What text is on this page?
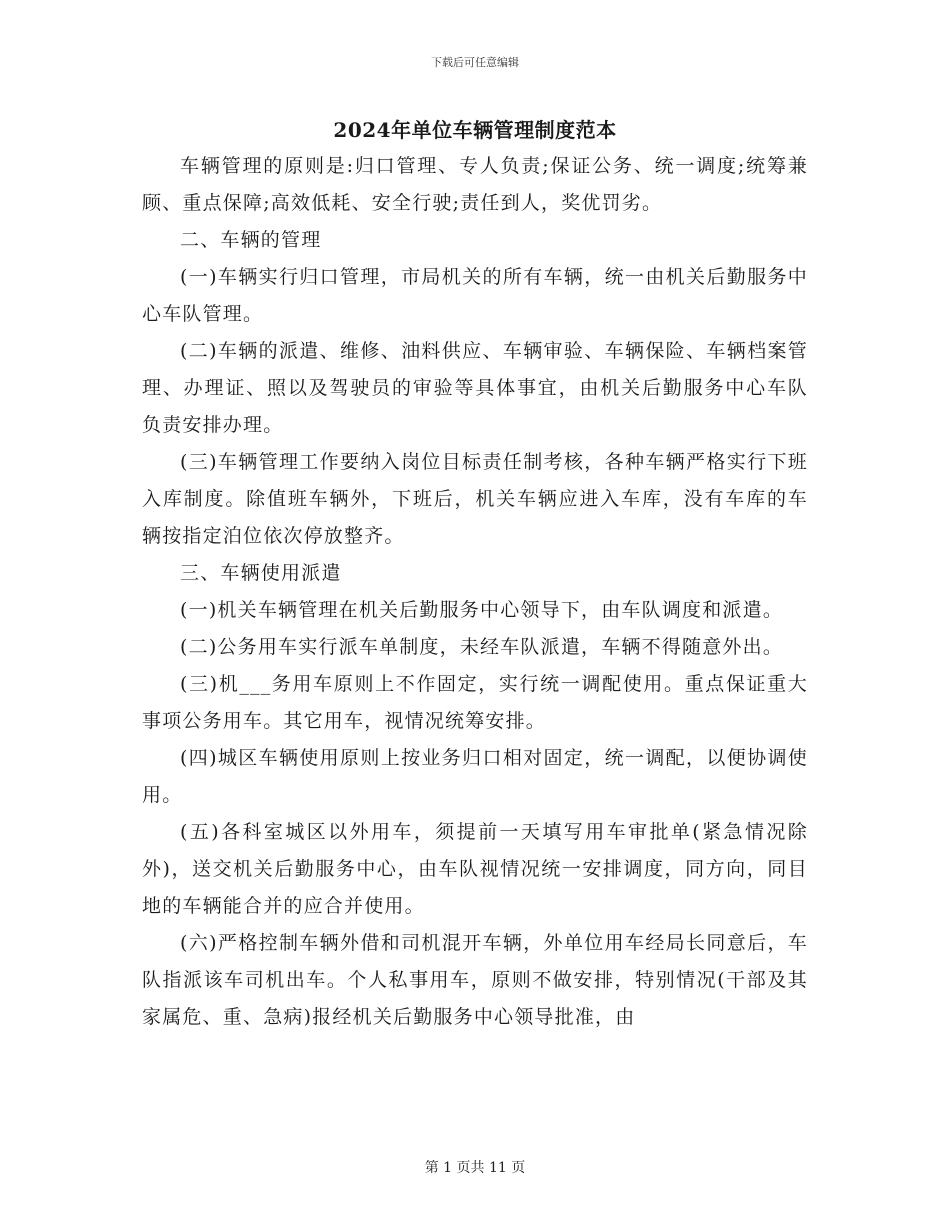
下载后可任意编辑
2024年单位车辆管理制度范本

车辆管理的原则是:归口管理、专人负责;保证公务、统一调度;统筹兼顾、重点保障;高效低耗、安全行驶;责任到人，奖优罚劣。

二、车辆的管理

(一)车辆实行归口管理，市局机关的所有车辆，统一由机关后勤服务中心车队管理。

(二)车辆的派遣、维修、油料供应、车辆审验、车辆保险、车辆档案管理、办理证、照以及驾驶员的审验等具体事宜，由机关后勤服务中心车队负责安排办理。

(三)车辆管理工作要纳入岗位目标责任制考核，各种车辆严格实行下班入库制度。除值班车辆外，下班后，机关车辆应进入车库，没有车库的车辆按指定泊位依次停放整齐。

三、车辆使用派遣

(一)机关车辆管理在机关后勤服务中心领导下，由车队调度和派遣。

(二)公务用车实行派车单制度，未经车队派遣，车辆不得随意外出。

(三)机___务用车原则上不作固定，实行统一调配使用。重点保证重大事项公务用车。其它用车，视情况统筹安排。

(四)城区车辆使用原则上按业务归口相对固定，统一调配，以便协调使用。

(五)各科室城区以外用车，须提前一天填写用车审批单(紧急情况除外)，送交机关后勤服务中心，由车队视情况统一安排调度，同方向，同目地的车辆能合并的应合并使用。

(六)严格控制车辆外借和司机混开车辆，外单位用车经局长同意后，车队指派该车司机出车。个人私事用车，原则不做安排，特别情况(干部及其家属危、重、急病)报经机关后勤服务中心领导批准，由

第 1 页共 11 页
